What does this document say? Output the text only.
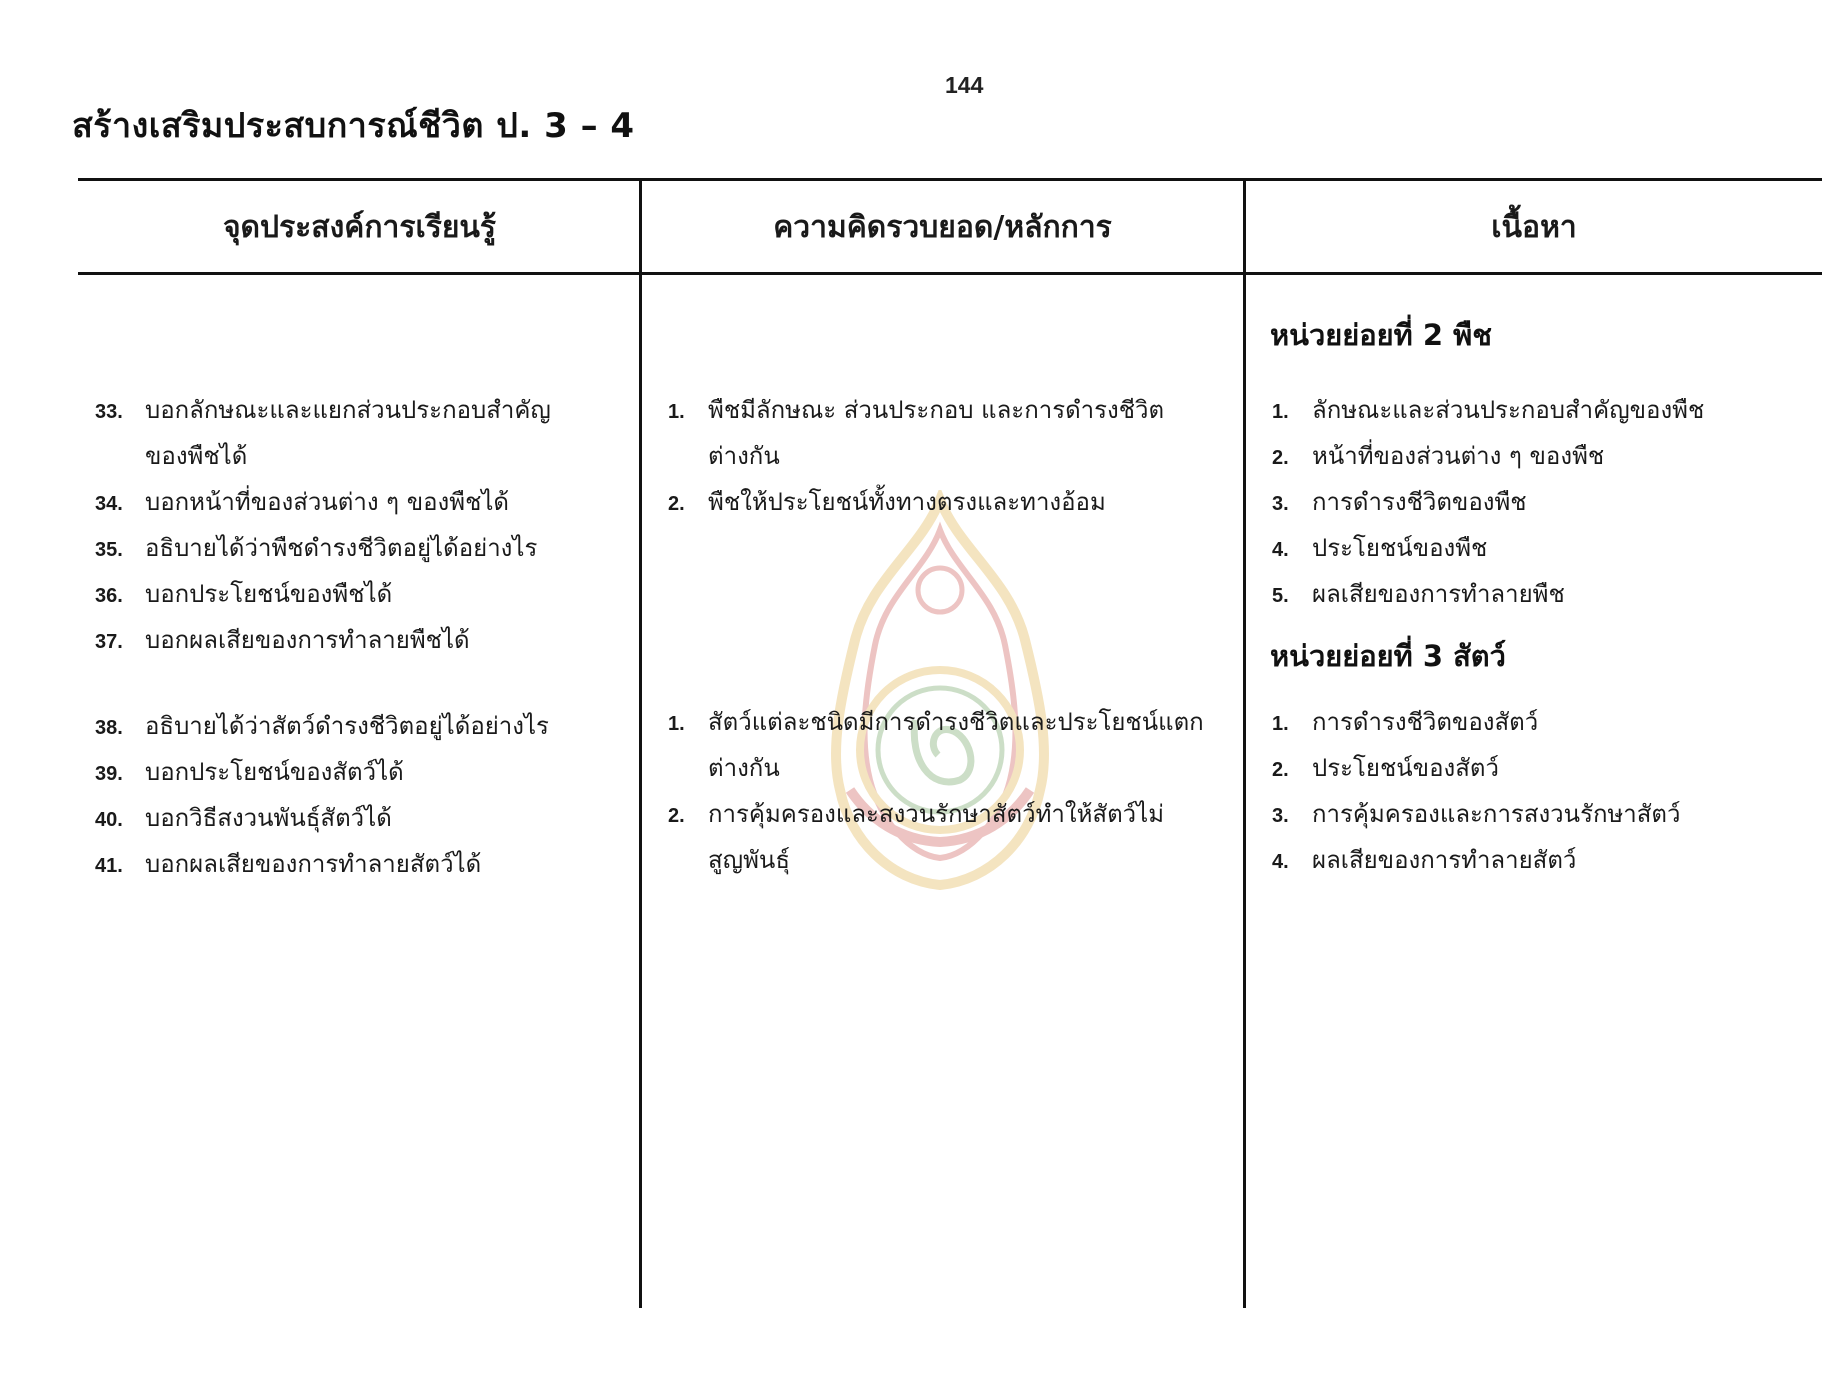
144
สร้างเสริมประสบการณ์ชีวิต ป. 3 – 4
จุดประสงค์การเรียนรู้	ความคิดรวบยอด/หลักการ	เนื้อหา
33. บอกลักษณะและแยกส่วนประกอบสำคัญ
ของพืชได้
34. บอกหน้าที่ของส่วนต่าง ๆ ของพืชได้
35. อธิบายได้ว่าพืชดำรงชีวิตอยู่ได้อย่างไร
36. บอกประโยชน์ของพืชได้
37. บอกผลเสียของการทำลายพืชได้
38. อธิบายได้ว่าสัตว์ดำรงชีวิตอยู่ได้อย่างไร
39. บอกประโยชน์ของสัตว์ได้
40. บอกวิธีสงวนพันธุ์สัตว์ได้
41. บอกผลเสียของการทำลายสัตว์ได้
1. พืชมีลักษณะ ส่วนประกอบ และการดำรงชีวิต
ต่างกัน
2. พืชให้ประโยชน์ทั้งทางตรงและทางอ้อม
1. สัตว์แต่ละชนิดมีการดำรงชีวิตและประโยชน์แตก
ต่างกัน
2. การคุ้มครองและสงวนรักษาสัตว์ทำให้สัตว์ไม่
สูญพันธุ์
หน่วยย่อยที่ 2 พืช
1. ลักษณะและส่วนประกอบสำคัญของพืช
2. หน้าที่ของส่วนต่าง ๆ ของพืช
3. การดำรงชีวิตของพืช
4. ประโยชน์ของพืช
5. ผลเสียของการทำลายพืช
หน่วยย่อยที่ 3 สัตว์
1. การดำรงชีวิตของสัตว์
2. ประโยชน์ของสัตว์
3. การคุ้มครองและการสงวนรักษาสัตว์
4. ผลเสียของการทำลายสัตว์
